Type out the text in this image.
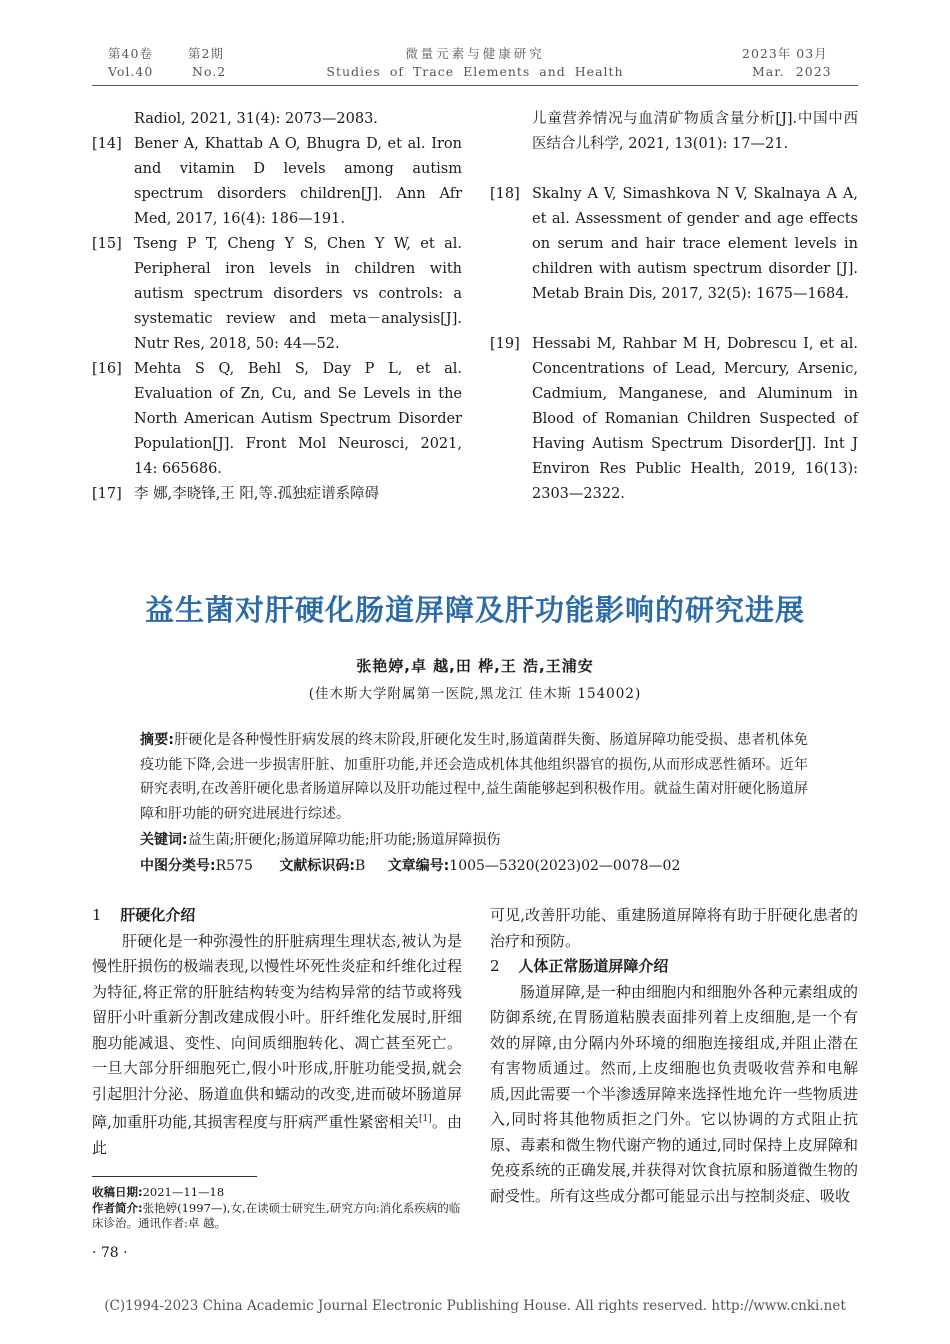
第40卷	第2期
Vol.40	No.2
微量元素与健康研究
Studies of Trace Elements and Health
2023年 03月
Mar. 2023
Radiol, 2021, 31(4): 2073—2083.
[14] Bener A, Khattab A O, Bhugra D, et al. Iron and vitamin D levels among autism spectrum disorders children[J]. Ann Afr Med, 2017, 16(4): 186—191.
[15] Tseng P T, Cheng Y S, Chen Y W, et al. Peripheral iron levels in children with autism spectrum disorders vs controls: a systematic review and meta－analysis[J]. Nutr Res, 2018, 50: 44—52.
[16] Mehta S Q, Behl S, Day P L, et al. Evaluation of Zn, Cu, and Se Levels in the North American Autism Spectrum Disorder Population[J]. Front Mol Neurosci, 2021, 14: 665686.
[17] 李 娜,李晓锋,王 阳,等.孤独症谱系障碍
儿童营养情况与血清矿物质含量分析[J].中国中西医结合儿科学, 2021, 13(01): 17—21.
[18] Skalny A V, Simashkova N V, Skalnaya A A, et al. Assessment of gender and age effects on serum and hair trace element levels in children with autism spectrum disorder [J]. Metab Brain Dis, 2017, 32(5): 1675—1684.
[19] Hessabi M, Rahbar M H, Dobrescu I, et al. Concentrations of Lead, Mercury, Arsenic, Cadmium, Manganese, and Aluminum in Blood of Romanian Children Suspected of Having Autism Spectrum Disorder[J]. Int J Environ Res Public Health, 2019, 16(13): 2303—2322.
益生菌对肝硬化肠道屏障及肝功能影响的研究进展
张艳婷,卓 越,田 桦,王 浩,王浦安
(佳木斯大学附属第一医院,黑龙江 佳木斯 154002)
摘要:肝硬化是各种慢性肝病发展的终末阶段,肝硬化发生时,肠道菌群失衡、肠道屏障功能受损、患者机体免疫功能下降,会进一步损害肝脏、加重肝功能,并还会造成机体其他组织器官的损伤,从而形成恶性循环。近年研究表明,在改善肝硬化患者肠道屏障以及肝功能过程中,益生菌能够起到积极作用。就益生菌对肝硬化肠道屏障和肝功能的研究进展进行综述。
关键词:益生菌;肝硬化;肠道屏障功能;肝功能;肠道屏障损伤
中图分类号:R575 文献标识码:B 文章编号:1005—5320(2023)02—0078—02
1 肝硬化介绍
肝硬化是一种弥漫性的肝脏病理生理状态,被认为是慢性肝损伤的极端表现,以慢性坏死性炎症和纤维化过程为特征,将正常的肝脏结构转变为结构异常的结节或将残留肝小叶重新分割改建成假小叶。肝纤维化发展时,肝细胞功能减退、变性、向间质细胞转化、凋亡甚至死亡。一旦大部分肝细胞死亡,假小叶形成,肝脏功能受损,就会引起胆汁分泌、肠道血供和蠕动的改变,进而破坏肠道屏障,加重肝功能,其损害程度与肝病严重性紧密相关[1]。由此
可见,改善肝功能、重建肠道屏障将有助于肝硬化患者的治疗和预防。
2 人体正常肠道屏障介绍
肠道屏障,是一种由细胞内和细胞外各种元素组成的防御系统,在胃肠道粘膜表面排列着上皮细胞,是一个有效的屏障,由分隔内外环境的细胞连接组成,并阻止潜在有害物质通过。然而,上皮细胞也负责吸收营养和电解质,因此需要一个半渗透屏障来选择性地允许一些物质进入,同时将其他物质拒之门外。它以协调的方式阻止抗原、毒素和微生物代谢产物的通过,同时保持上皮屏障和免疫系统的正确发展,并获得对饮食抗原和肠道微生物的耐受性。所有这些成分都可能显示出与控制炎症、吸收
收稿日期:2021—11—18
作者简介:张艳婷(1997—),女,在读硕士研究生,研究方向:消化系疾病的临床诊治。通讯作者:卓 越。
· 78 ·
(C)1994-2023 China Academic Journal Electronic Publishing House. All rights reserved. http://www.cnki.net
